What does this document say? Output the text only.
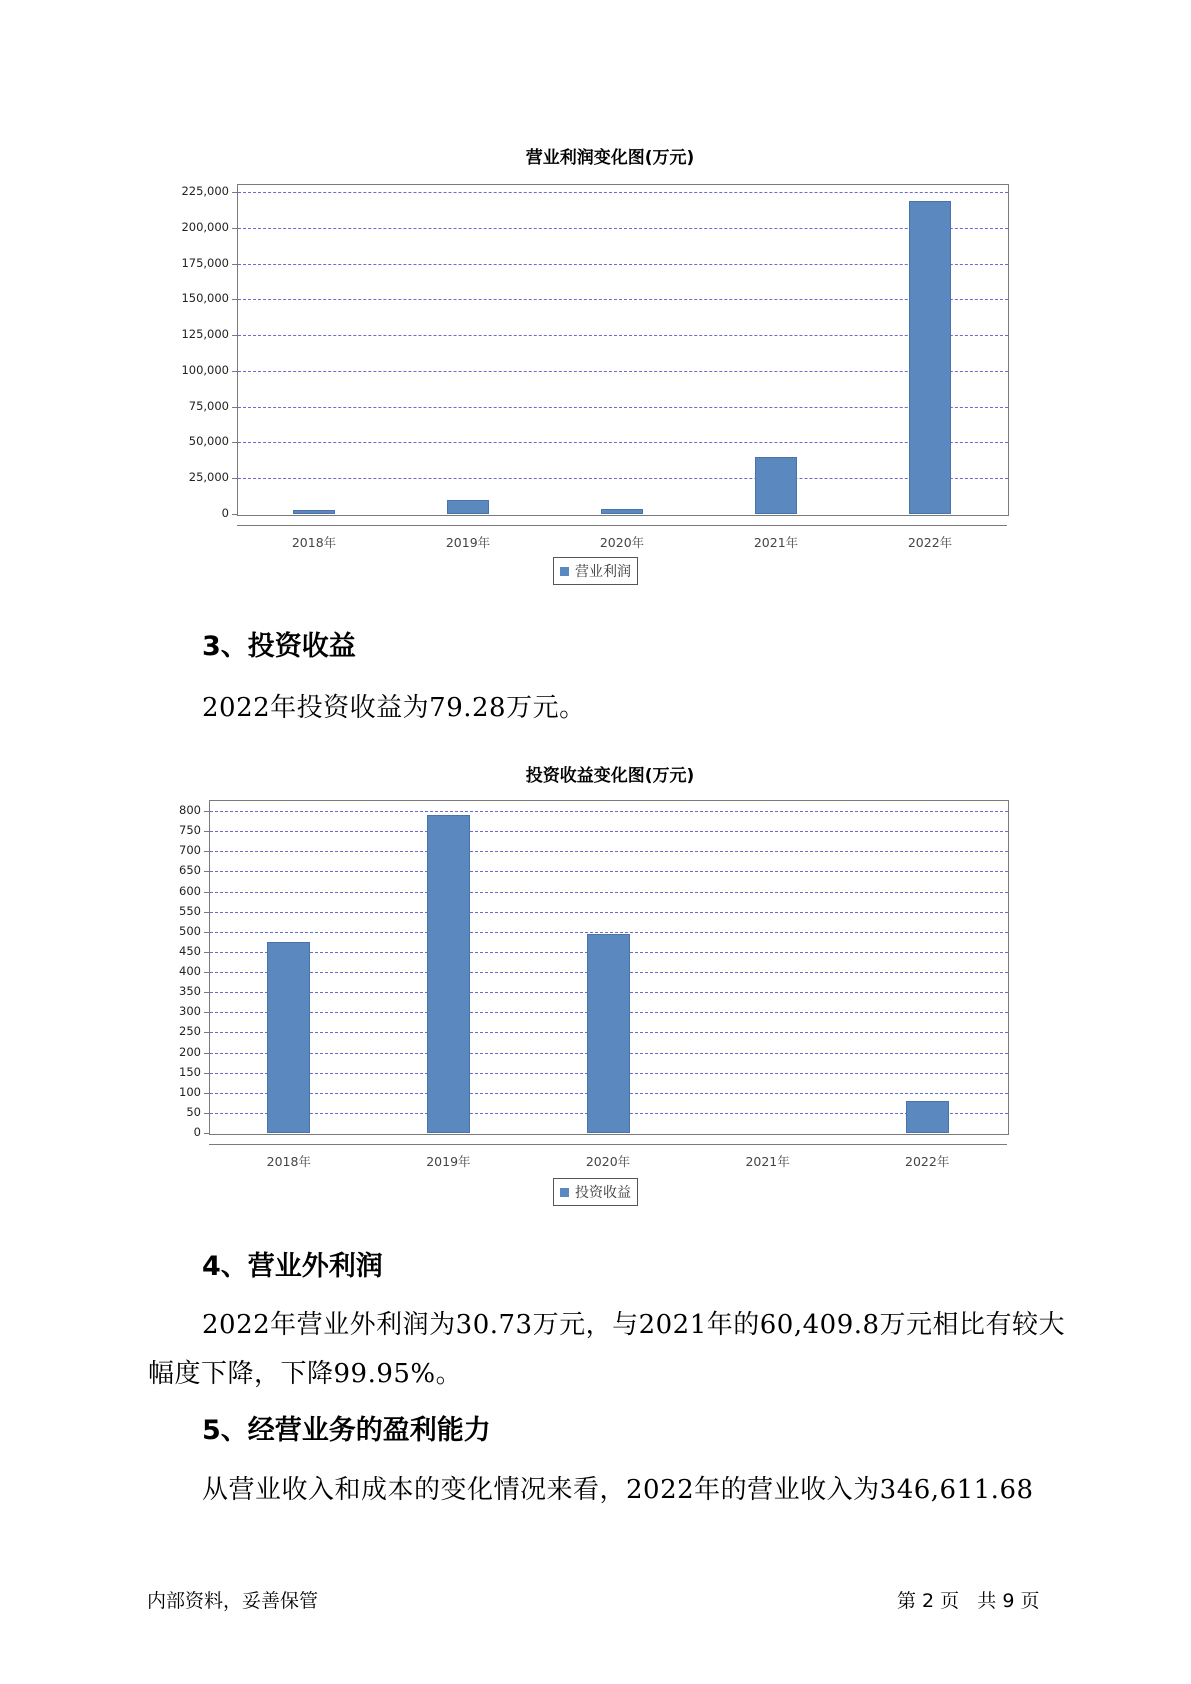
营业利润变化图(万元)
0
25,000
50,000
75,000
100,000
125,000
150,000
175,000
200,000
225,000
2018年	2019年	2020年	2021年	2022年
营业利润
3、投资收益
2022年投资收益为79.28万元。
投资收益变化图(万元)
0
50
100
150
200
250
300
350
400
450
500
550
600
650
700
750
800
2018年	2019年	2020年	2021年	2022年
投资收益
4、营业外利润
2022年营业外利润为30.73万元，与2021年的60,409.8万元相比有较大
幅度下降，下降99.95%。
5、经营业务的盈利能力
从营业收入和成本的变化情况来看，2022年的营业收入为346,611.68
内部资料，妥善保管	第 2 页   共 9 页
